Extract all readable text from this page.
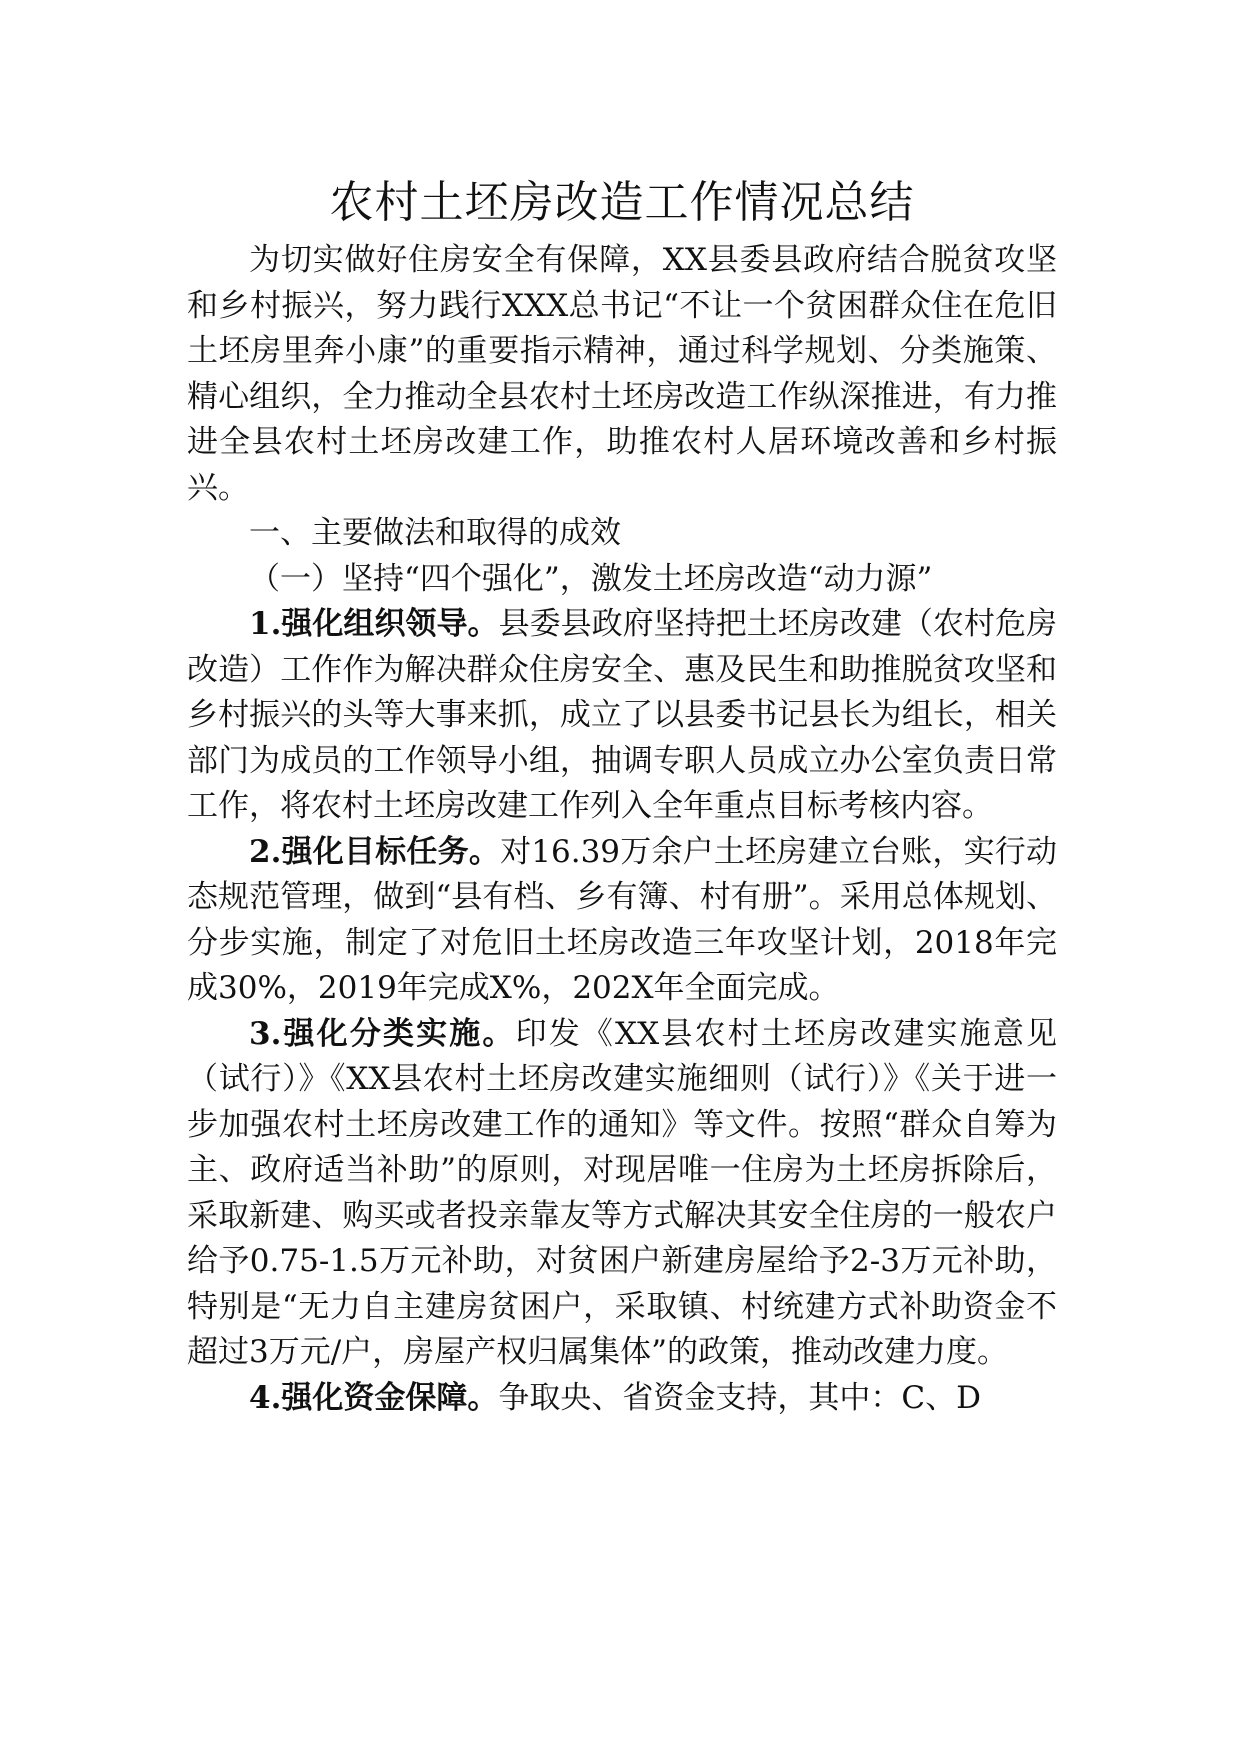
农村土坯房改造工作情况总结

为切实做好住房安全有保障，XX县委县政府结合脱贫攻坚和乡村振兴，努力践行XXX总书记“不让一个贫困群众住在危旧土坯房里奔小康”的重要指示精神，通过科学规划、分类施策、精心组织，全力推动全县农村土坯房改造工作纵深推进，有力推进全县农村土坯房改建工作，助推农村人居环境改善和乡村振兴。

一、主要做法和取得的成效

（一）坚持“四个强化”，激发土坯房改造“动力源”

1.强化组织领导。县委县政府坚持把土坯房改建（农村危房改造）工作作为解决群众住房安全、惠及民生和助推脱贫攻坚和乡村振兴的头等大事来抓，成立了以县委书记县长为组长，相关部门为成员的工作领导小组，抽调专职人员成立办公室负责日常工作，将农村土坯房改建工作列入全年重点目标考核内容。

2.强化目标任务。对16.39万余户土坯房建立台账，实行动态规范管理，做到“县有档、乡有簿、村有册”。采用总体规划、分步实施，制定了对危旧土坯房改造三年攻坚计划，2018年完成30%，2019年完成X%，202X年全面完成。

3.强化分类实施。印发《XX县农村土坯房改建实施意见（试行）》《XX县农村土坯房改建实施细则（试行）》《关于进一步加强农村土坯房改建工作的通知》等文件。按照“群众自筹为主、政府适当补助”的原则，对现居唯一住房为土坯房拆除后，采取新建、购买或者投亲靠友等方式解决其安全住房的一般农户给予0.75-1.5万元补助，对贫困户新建房屋给予2-3万元补助，特别是“无力自主建房贫困户，采取镇、村统建方式补助资金不超过3万元/户，房屋产权归属集体”的政策，推动改建力度。

4.强化资金保障。争取央、省资金支持，其中：C、D
